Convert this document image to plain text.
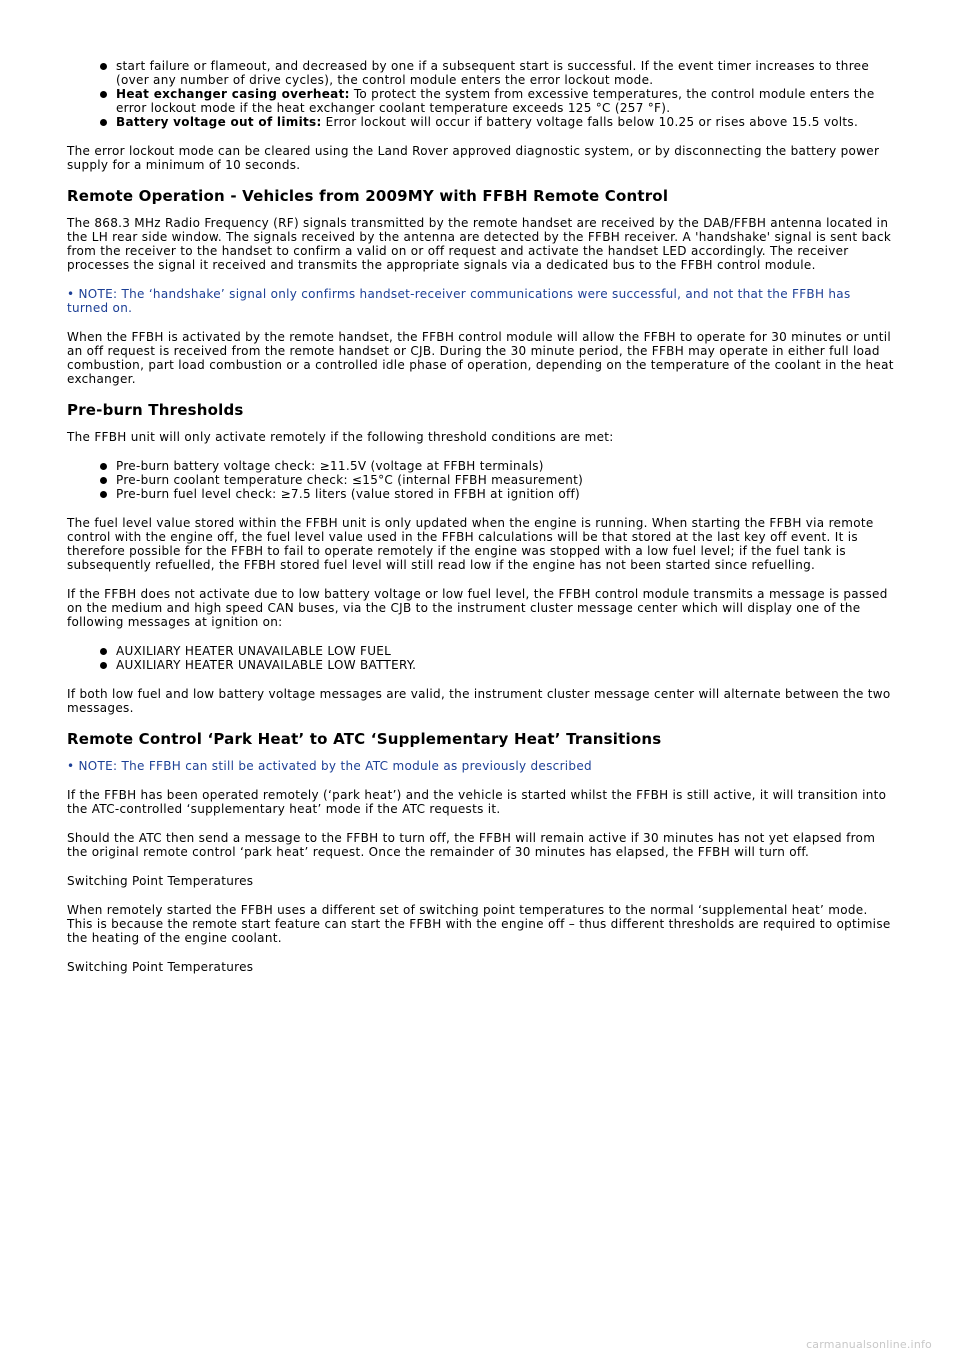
start failure or flameout, and decreased by one if a subsequent start is successful. If the event timer increases to three (over any number of drive cycles), the control module enters the error lockout mode.
Heat exchanger casing overheat: To protect the system from excessive temperatures, the control module enters the error lockout mode if the heat exchanger coolant temperature exceeds 125 °C (257 °F).
Battery voltage out of limits: Error lockout will occur if battery voltage falls below 10.25 or rises above 15.5 volts.

The error lockout mode can be cleared using the Land Rover approved diagnostic system, or by disconnecting the battery power supply for a minimum of 10 seconds.

Remote Operation - Vehicles from 2009MY with FFBH Remote Control

The 868.3 MHz Radio Frequency (RF) signals transmitted by the remote handset are received by the DAB/FFBH antenna located in the LH rear side window. The signals received by the antenna are detected by the FFBH receiver. A 'handshake' signal is sent back from the receiver to the handset to confirm a valid on or off request and activate the handset LED accordingly. The receiver processes the signal it received and transmits the appropriate signals via a dedicated bus to the FFBH control module.

• NOTE: The ‘handshake’ signal only confirms handset-receiver communications were successful, and not that the FFBH has turned on.

When the FFBH is activated by the remote handset, the FFBH control module will allow the FFBH to operate for 30 minutes or until an off request is received from the remote handset or CJB. During the 30 minute period, the FFBH may operate in either full load combustion, part load combustion or a controlled idle phase of operation, depending on the temperature of the coolant in the heat exchanger.

Pre-burn Thresholds

The FFBH unit will only activate remotely if the following threshold conditions are met:

Pre-burn battery voltage check: ≥11.5V (voltage at FFBH terminals)
Pre-burn coolant temperature check: ≤15°C (internal FFBH measurement)
Pre-burn fuel level check: ≥7.5 liters (value stored in FFBH at ignition off)

The fuel level value stored within the FFBH unit is only updated when the engine is running. When starting the FFBH via remote control with the engine off, the fuel level value used in the FFBH calculations will be that stored at the last key off event. It is therefore possible for the FFBH to fail to operate remotely if the engine was stopped with a low fuel level; if the fuel tank is subsequently refuelled, the FFBH stored fuel level will still read low if the engine has not been started since refuelling.

If the FFBH does not activate due to low battery voltage or low fuel level, the FFBH control module transmits a message is passed on the medium and high speed CAN buses, via the CJB to the instrument cluster message center which will display one of the following messages at ignition on:

AUXILIARY HEATER UNAVAILABLE LOW FUEL
AUXILIARY HEATER UNAVAILABLE LOW BATTERY.

If both low fuel and low battery voltage messages are valid, the instrument cluster message center will alternate between the two messages.

Remote Control ‘Park Heat’ to ATC ‘Supplementary Heat’ Transitions

• NOTE: The FFBH can still be activated by the ATC module as previously described

If the FFBH has been operated remotely (‘park heat’) and the vehicle is started whilst the FFBH is still active, it will transition into the ATC-controlled ‘supplementary heat’ mode if the ATC requests it.

Should the ATC then send a message to the FFBH to turn off, the FFBH will remain active if 30 minutes has not yet elapsed from the original remote control ‘park heat’ request. Once the remainder of 30 minutes has elapsed, the FFBH will turn off.

Switching Point Temperatures

When remotely started the FFBH uses a different set of switching point temperatures to the normal ‘supplemental heat’ mode. This is because the remote start feature can start the FFBH with the engine off – thus different thresholds are required to optimise the heating of the engine coolant.

Switching Point Temperatures

carmanualsonline.info
